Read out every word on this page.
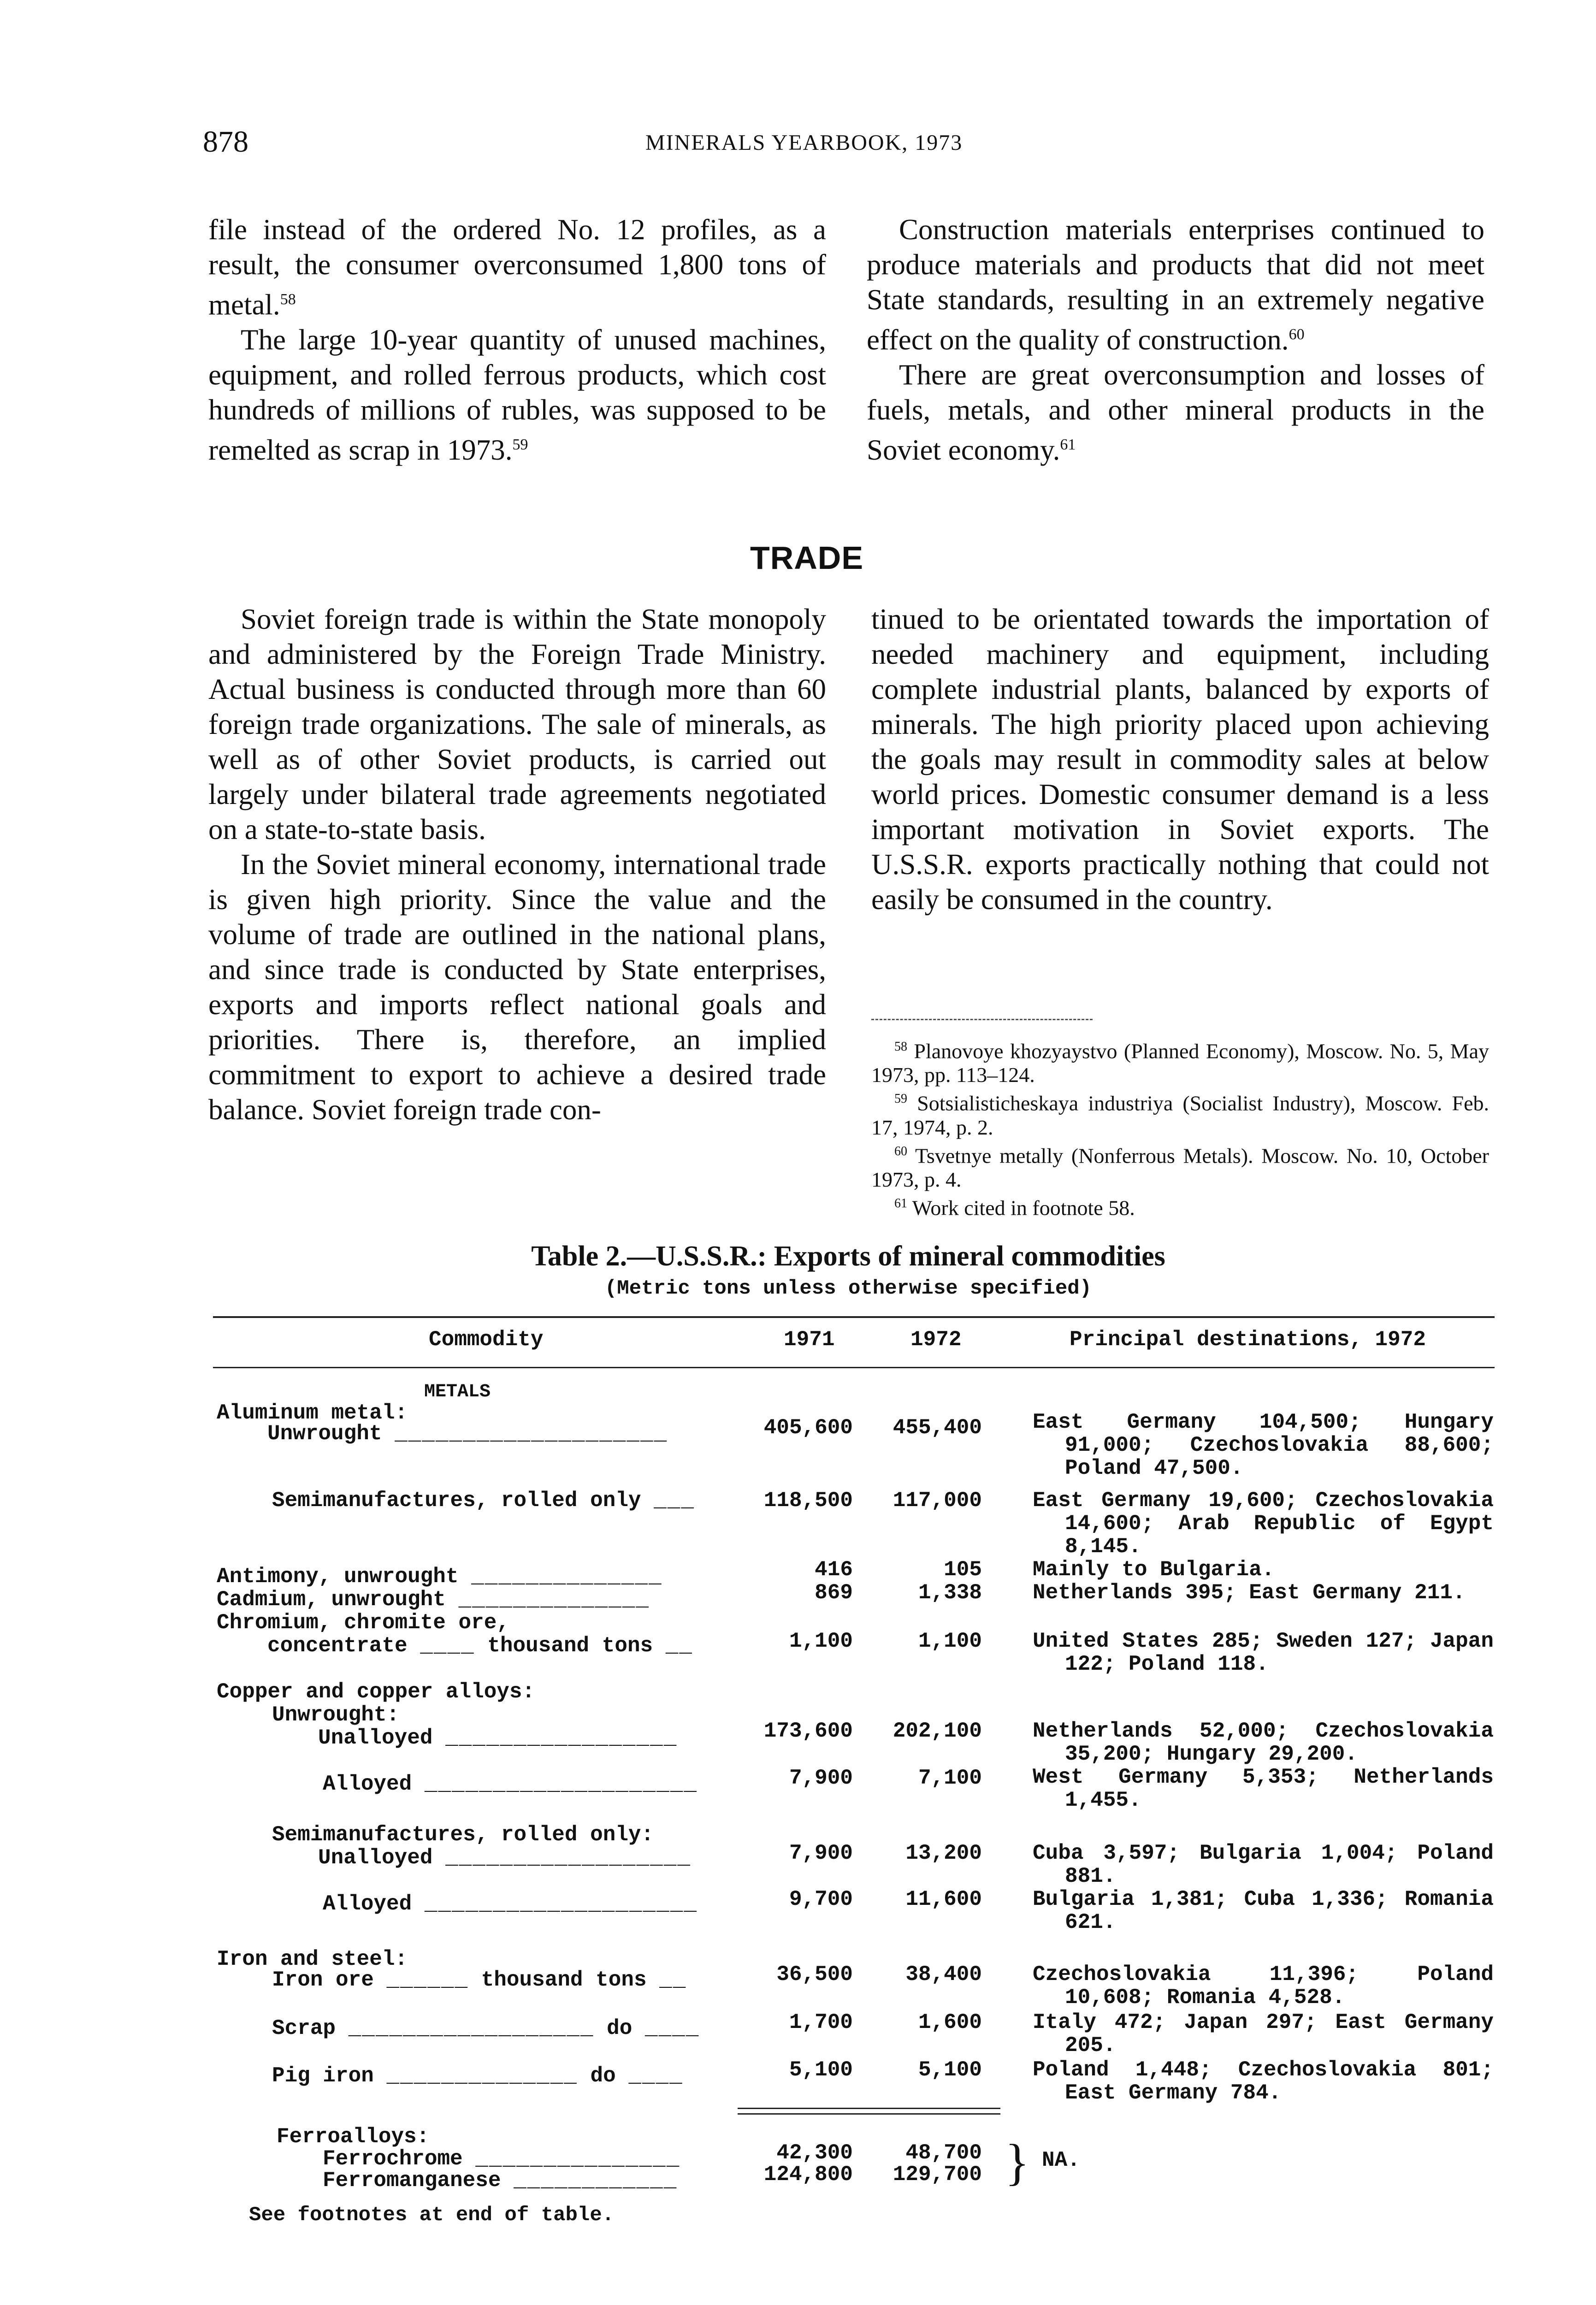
878	MINERALS YEARBOOK, 1973

file instead of the ordered No. 12 profiles, as a result, the consumer overconsumed 1,800 tons of metal.$^{58}$

The large 10-year quantity of unused machines, equipment, and rolled ferrous products, which cost hundreds of millions of rubles, was supposed to be remelted as scrap in 1973.59

Construction materials enterprises continued to produce materials and products that did not meet State standards, resulting in an extremely negative effect on the quality of construction.$^{60}$

There are great overconsumption and losses of fuels, metals, and other mineral products in the Soviet economy.$^{61}$

TRADE

Soviet foreign trade is within the State monopoly and administered by the Foreign Trade Ministry. Actual business is conducted through more than 60 foreign trade organizations. The sale of minerals, as well as of other Soviet products, is carried out largely under bilateral trade agreements negotiated on a state-to-state basis.

In the Soviet mineral economy, international trade is given high priority. Since the value and the volume of trade are outlined in the national plans, and since trade is conducted by State enterprises, exports and imports reflect national goals and priorities. There is, therefore, an implied commitment to export to achieve a desired trade balance. Soviet foreign trade con-

tinued to be orientated towards the importation of needed machinery and equipment, including complete industrial plants, balanced by exports of minerals. The high priority placed upon achieving the goals may result in commodity sales at below world prices. Domestic consumer demand is a less important motivation in Soviet exports. The U.S.S.R. exports practically nothing that could not easily be consumed in the country.

$^{58}$ Planovoye khozyaystvo (Planned Economy), Moscow. No. 5, May 1973, pp. 113–124.

$^{59}$ Sotsialisticheskaya industriya (Socialist Industry), Moscow. Feb. 17, 1974, p. 2.

$^{60}$ Tsvetnye metally (Nonferrous Metals). Moscow. No. 10, October 1973, p. 4.

$^{61}$ Work cited in footnote 58.

Table 2.—U.S.S.R.: Exports of mineral commodities
(Metric tons unless otherwise specified)
Commodity	1971	1972	Principal destinations, 1972
METALS
Aluminum metal:
Unwrought ____________________	405,600 455,400 East Germany 104,500; Hungary 91,000; Czechoslovakia 88,600; Poland 47,500.
Semimanufactures, rolled only ___	118,500 117,000 East Germany 19,600; Czechoslovakia 14,600; Arab Republic of Egypt 8,145.
Antimony, unwrought ______________	416	105 Mainly to Bulgaria.
Cadmium, unwrought ______________	869	1,338 Netherlands 395; East Germany 211.
Chromium, chromite ore,
concentrate ____ thousand tons __	1,100	1,100 United States 285; Sweden 127; Japan 122; Poland 118.
Copper and copper alloys:
Unwrought:
Unalloyed _________________	173,600 202,100 Netherlands 52,000; Czechoslovakia 35,200; Hungary 29,200.
Alloyed ____________________	7,900	7,100 West Germany 5,353; Netherlands 1,455.
Semimanufactures, rolled only:
Unalloyed __________________	7,900	13,200 Cuba 3,597; Bulgaria 1,004; Poland 881.
Alloyed ____________________	9,700	11,600 Bulgaria 1,381; Cuba 1,336; Romania 621.
Iron and steel:
Iron ore ______ thousand tons __	36,500	38,400 Czechoslovakia 11,396; Poland 10,608; Romania 4,528.
Scrap __________________ do ____	1,700	1,600 Italy 472; Japan 297; East Germany 205.
Pig iron ______________ do ____	5,100	5,100 Poland 1,448; Czechoslovakia 801; East Germany 784.
Ferroalloys:
Ferrochrome _______________	42,300	48,700
Ferromanganese ____________	124,800 129,700 } NA.
See footnotes at end of table.
